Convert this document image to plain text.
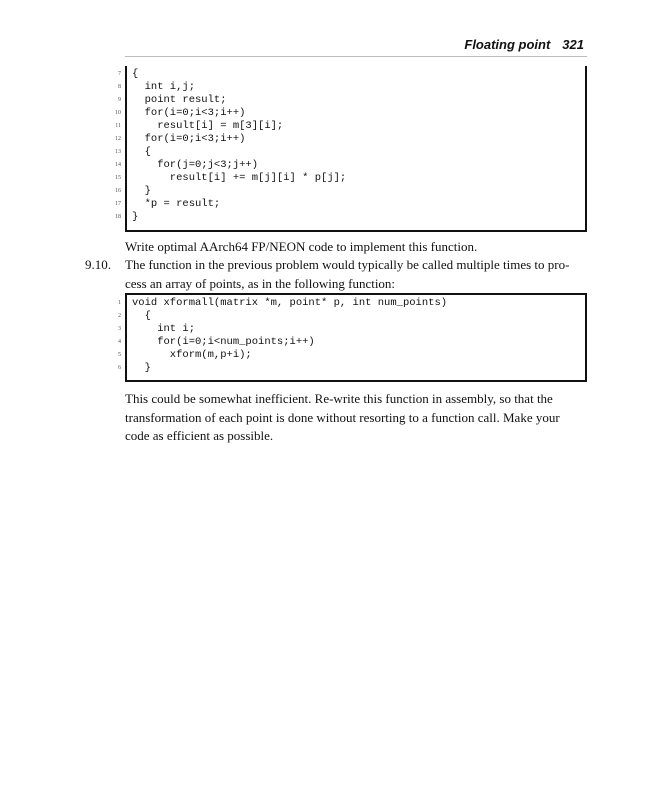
Floating point 321
7 {
8 int i,j;
9 point result;
10 for(i=0;i<3;i++)
11 result[i] = m[3][i];
12 for(i=0;i<3;i++)
13 {
14 for(j=0;j<3;j++)
15 result[i] += m[j][i] * p[j];
16 }
17 *p = result;
18 }
Write optimal AArch64 FP/NEON code to implement this function.
9.10. The function in the previous problem would typically be called multiple times to pro-
cess an array of points, as in the following function:
1 void xformall(matrix *m, point* p, int num_points)
2 {
3 int i;
4 for(i=0;i<num_points;i++)
5 xform(m,p+i);
6 }
This could be somewhat inefficient. Re-write this function in assembly, so that the
transformation of each point is done without resorting to a function call. Make your
code as efficient as possible.
